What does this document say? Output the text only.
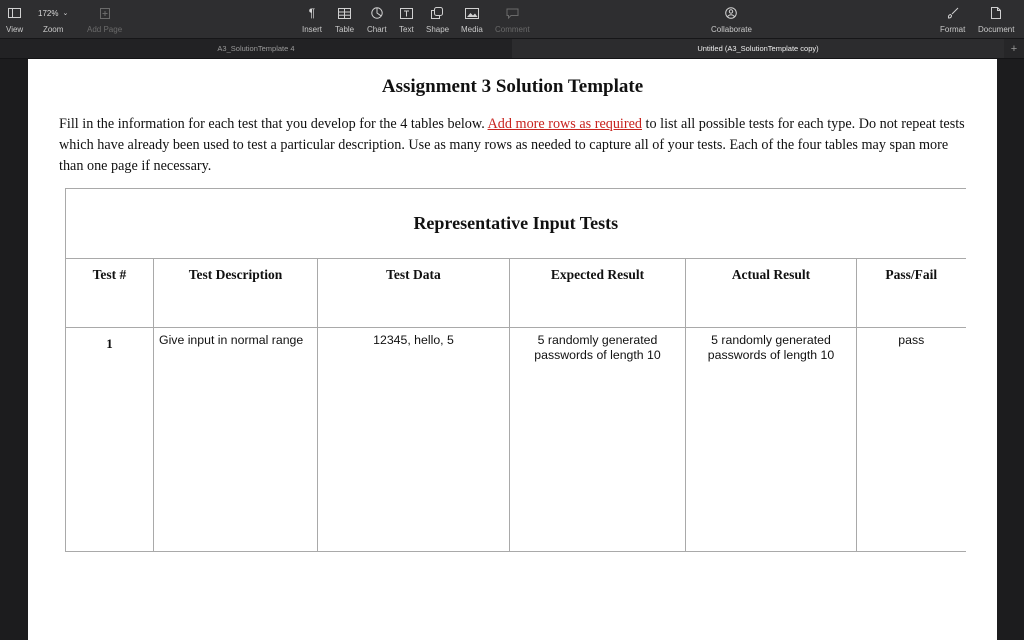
View
172% ⌄
Zoom	Add Page
¶
Insert Table Chart Text Shape Media Comment	Collaborate	Format Document
A3_SolutionTemplate 4	Untitled (A3_SolutionTemplate copy)	+
Assignment 3 Solution Template
Fill in the information for each test that you develop for the 4 tables below. Add more rows as required to list all possible tests for each type. Do not repeat tests which have already been used to test a particular description. Use as many rows as needed to capture all of your tests. Each of the four tables may span more than one page if necessary.
Representative Input Tests					
Test #	Test Description	Test Data	Expected Result	Actual Result	Pass/Fail
1	Give input in normal range	12345, hello, 5	5 randomly generated passwords of length 10	5 randomly generated passwords of length 10	pass
